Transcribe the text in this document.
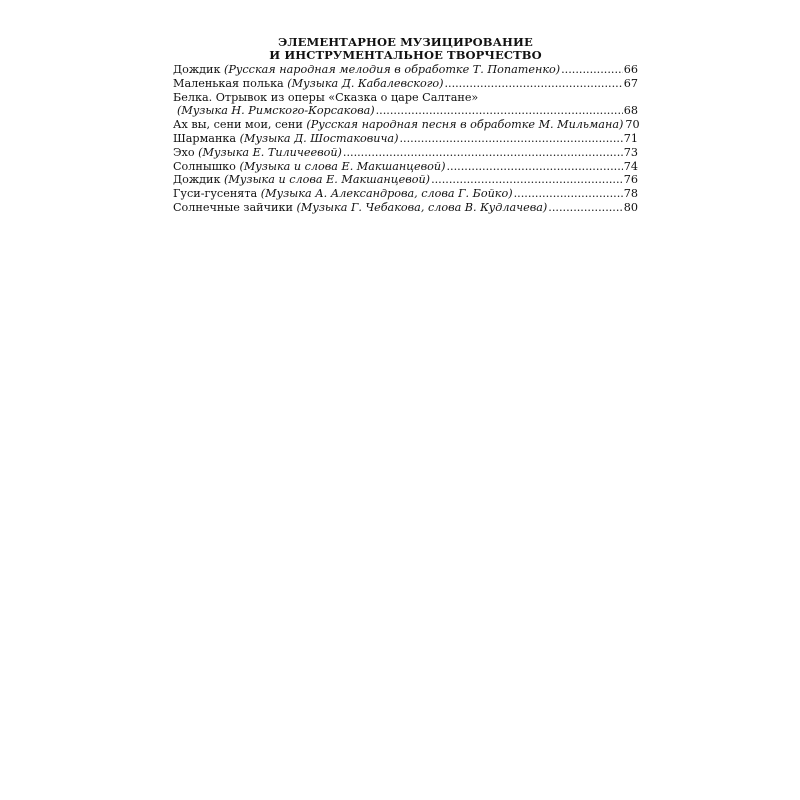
ЭЛЕМЕНТАРНОЕ МУЗИЦИРОВАНИЕ
И ИНСТРУМЕНТАЛЬНОЕ ТВОРЧЕСТВО
Дождик (Русская народная мелодия в обработке Т. Попатенко) .....	66
Маленькая полька (Музыка Д. Кабалевского) .....	67
Белка. Отрывок из оперы «Сказка о царе Салтане»
(Музыка Н. Римского-Корсакова) .....	68
Ах вы, сени мои, сени (Русская народная песня в обработке М. Мильмана) 70
Шарманка (Музыка Д. Шостаковича) .....	71
Эхо (Музыка Е. Тиличеевой) .....	73
Солнышко (Музыка и слова Е. Макшанцевой) .....	74
Дождик (Музыка и слова Е. Макшанцевой) .....	76
Гуси-гусенята (Музыка А. Александрова, слова Г. Бойко) .....	78
Солнечные зайчики (Музыка Г. Чебакова, слова В. Кудлачева) .....	80
